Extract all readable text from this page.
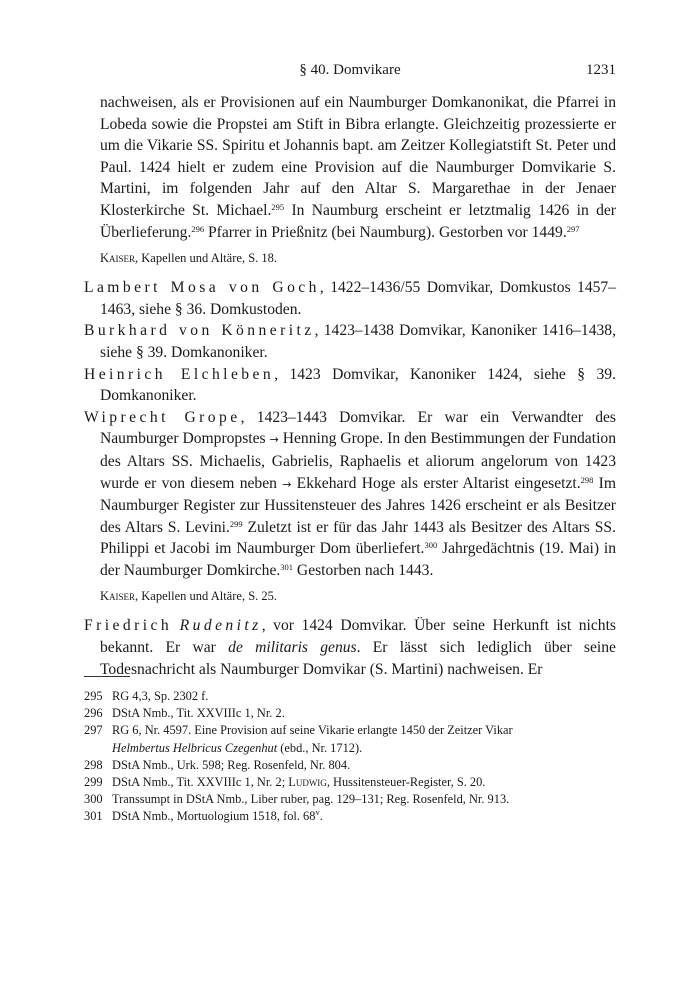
§ 40. Domvikare	1231

nachweisen, als er Provisionen auf ein Naumburger Domkanonikat, die Pfarrei in Lobeda sowie die Propstei am Stift in Bibra erlangte. Gleichzeitig prozessierte er um die Vikarie SS. Spiritu et Johannis bapt. am Zeitzer Kollegiatstift St. Peter und Paul. 1424 hielt er zudem eine Provision auf die Naumburger Domvikarie S. Martini, im folgenden Jahr auf den Altar S. Margarethae in der Jenaer Klosterkirche St. Michael.$^{295}$ In Naumburg erscheint er letztmalig 1426 in der Überlieferung.$^{296}$ Pfarrer in Prießnitz (bei Naumburg). Gestorben vor 1449.$^{297}$

Kaiser, Kapellen und Altäre, S. 18.

Lambert Mosa von Goch, 1422–1436/55 Domvikar, Domkustos 1457–1463, siehe § 36. Domkustoden.

Burkhard von Könneritz, 1423–1438 Domvikar, Kanoniker 1416–1438, siehe § 39. Domkanoniker.

Heinrich Elchleben, 1423 Domvikar, Kanoniker 1424, siehe § 39. Domkanoniker.

Wiprecht Grope, 1423–1443 Domvikar. Er war ein Verwandter des Naumburger Dompropstes → Henning Grope. In den Bestimmungen der Fundation des Altars SS. Michaelis, Gabrielis, Raphaelis et aliorum angelorum von 1423 wurde er von diesem neben → Ekkehard Hoge als erster Altarist eingesetzt.$^{298}$ Im Naumburger Register zur Hussitensteuer des Jahres 1426 erscheint er als Besitzer des Altars S. Levini.$^{299}$ Zuletzt ist er für das Jahr 1443 als Besitzer des Altars SS. Philippi et Jacobi im Naumburger Dom überliefert.$^{300}$ Jahrgedächtnis (19. Mai) in der Naumburger Domkirche.$^{301}$ Gestorben nach 1443.

Kaiser, Kapellen und Altäre, S. 25.

Friedrich Rudenitz, vor 1424 Domvikar. Über seine Herkunft ist nichts bekannt. Er war de militaris genus. Er lässt sich lediglich über seine Todesnachricht als Naumburger Domvikar (S. Martini) nachweisen. Er

295 RG 4,3, Sp. 2302 f.

296 DStA Nmb., Tit. XXVIIIc 1, Nr. 2.

297 RG 6, Nr. 4597. Eine Provision auf seine Vikarie erlangte 1450 der Zeitzer Vikar
Helmbertus Helbricus Czegenhut (ebd., Nr. 1712).

298 DStA Nmb., Urk. 598; Reg. Rosenfeld, Nr. 804.

299 DStA Nmb., Tit. XXVIIIc 1, Nr. 2; Ludwig, Hussitensteuer-Register, S. 20.

300 Transsumpt in DStA Nmb., Liber ruber, pag. 129–131; Reg. Rosenfeld, Nr. 913.

301 DStA Nmb., Mortuologium 1518, fol. 68$^v$.
